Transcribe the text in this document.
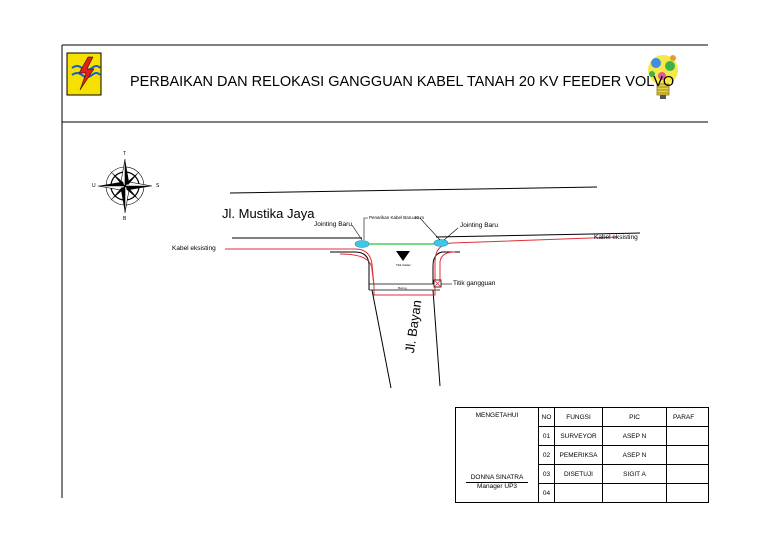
PERBAIKAN DAN RELOKASI GANGGUAN KABEL TANAH 20 KV FEEDER VOLVO
T
B
U	S
Jl. Mustika Jaya
Jl. Bayan
Kabel eksisting
Kabel eksisting
Jointing Baru	Jointing Baru
Penarikan Kabel Baru 30 m
Titik gangguan
Boring
Titik Galian
MENGETAHUI
DONNA SINATRA
Manager UP3	NO	FUNGSI	PIC	PARAF
	01	SURVEYOR	ASEP N	
	02	PEMERIKSA	ASEP N	
	03	DISETUJI	SIGIT A	
	04			
